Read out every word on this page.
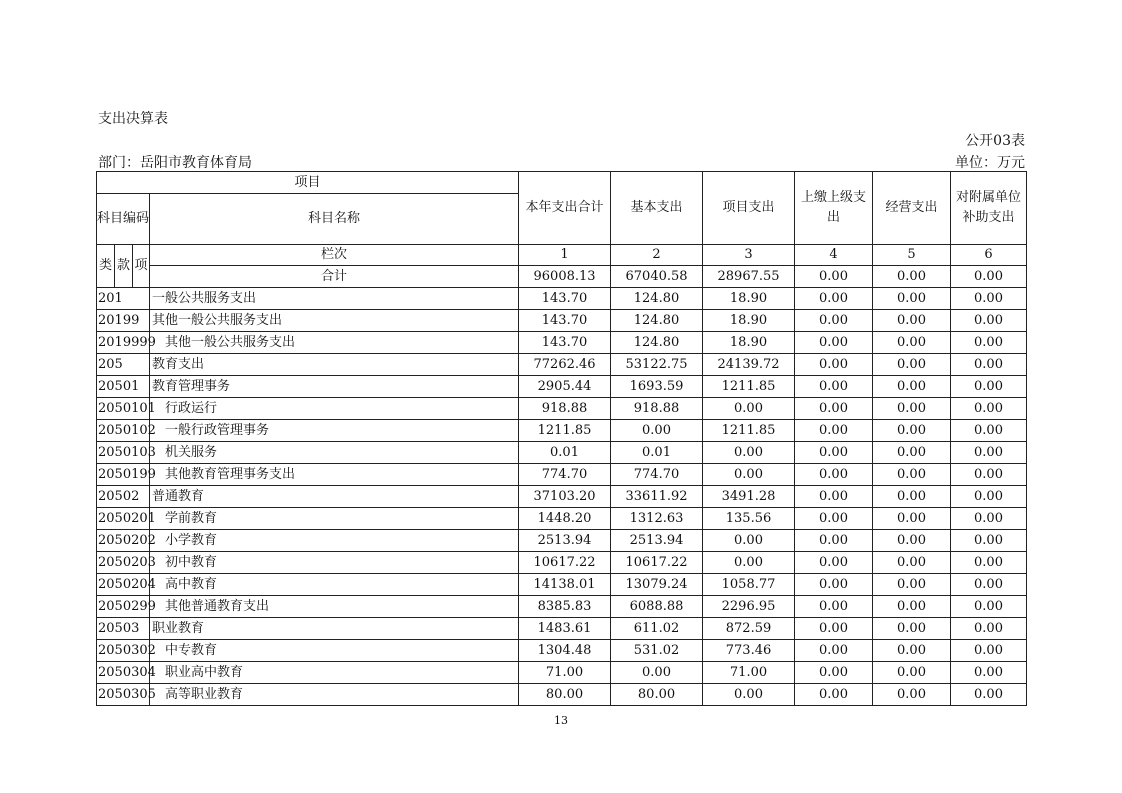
支出决算表
公开03表
部门：岳阳市教育体育局	单位：万元
项目				本年支出合计	基本支出	项目支出	上缴上级支出	经营支出	对附属单位补助支出
科目编码			科目名称						
类	款	项	栏次	1	2	3	4	5	6
			合计	96008.13	67040.58	28967.55	0.00	0.00	0.00
201			一般公共服务支出	143.70	124.80	18.90	0.00	0.00	0.00
20199			其他一般公共服务支出	143.70	124.80	18.90	0.00	0.00	0.00
2019999			其他一般公共服务支出	143.70	124.80	18.90	0.00	0.00	0.00
205			教育支出	77262.46	53122.75	24139.72	0.00	0.00	0.00
20501			教育管理事务	2905.44	1693.59	1211.85	0.00	0.00	0.00
2050101			行政运行	918.88	918.88	0.00	0.00	0.00	0.00
2050102			一般行政管理事务	1211.85	0.00	1211.85	0.00	0.00	0.00
2050103			机关服务	0.01	0.01	0.00	0.00	0.00	0.00
2050199			其他教育管理事务支出	774.70	774.70	0.00	0.00	0.00	0.00
20502			普通教育	37103.20	33611.92	3491.28	0.00	0.00	0.00
2050201			学前教育	1448.20	1312.63	135.56	0.00	0.00	0.00
2050202			小学教育	2513.94	2513.94	0.00	0.00	0.00	0.00
2050203			初中教育	10617.22	10617.22	0.00	0.00	0.00	0.00
2050204			高中教育	14138.01	13079.24	1058.77	0.00	0.00	0.00
2050299			其他普通教育支出	8385.83	6088.88	2296.95	0.00	0.00	0.00
20503			职业教育	1483.61	611.02	872.59	0.00	0.00	0.00
2050302			中专教育	1304.48	531.02	773.46	0.00	0.00	0.00
2050304			职业高中教育	71.00	0.00	71.00	0.00	0.00	0.00
2050305			高等职业教育	80.00	80.00	0.00	0.00	0.00	0.00
13
